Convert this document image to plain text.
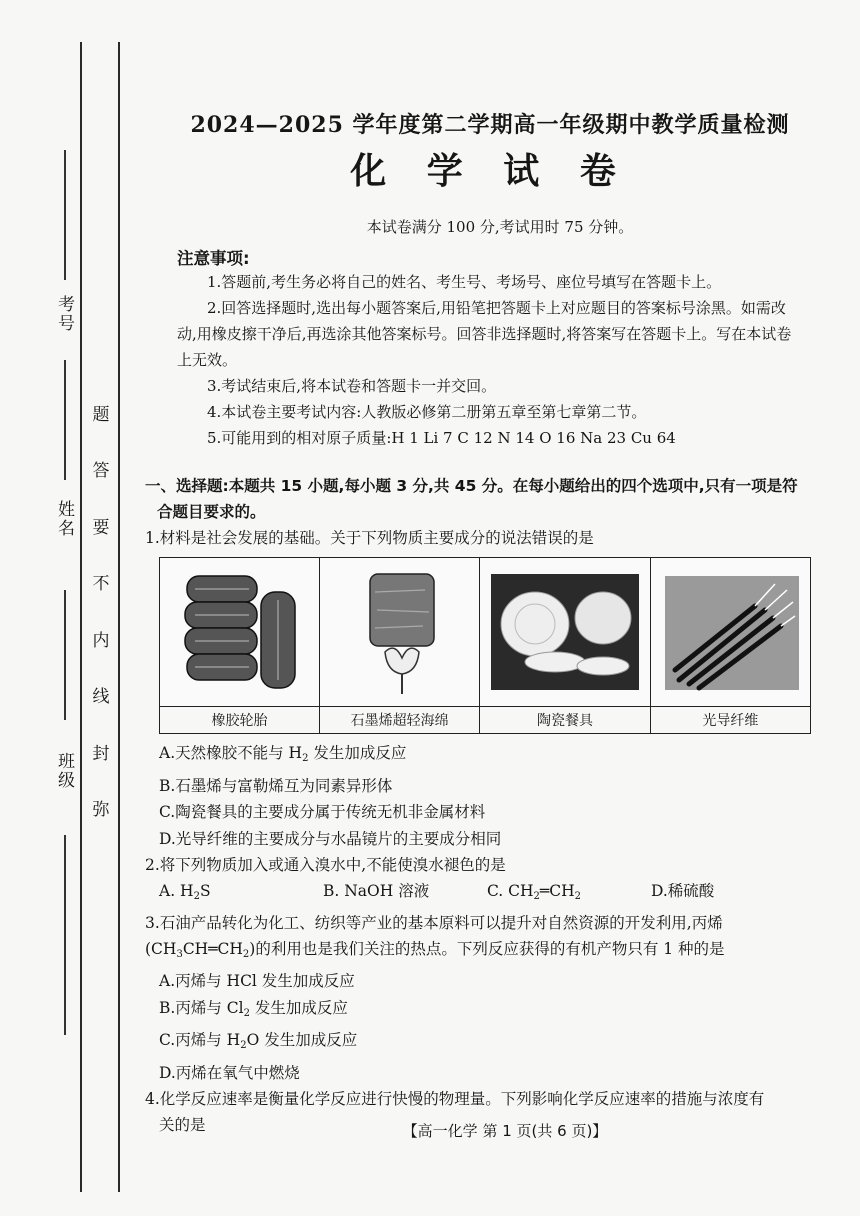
考号
姓名
班级
题
答
要
不
内
线
封
弥
2024—2025 学年度第二学期高一年级期中教学质量检测
化 学 试 卷
本试卷满分 100 分,考试用时 75 分钟。
注意事项:

1.答题前,考生务必将自己的姓名、考生号、考场号、座位号填写在答题卡上。

2.回答选择题时,选出每小题答案后,用铅笔把答题卡上对应题目的答案标号涂黑。如需改动,用橡皮擦干净后,再选涂其他答案标号。回答非选择题时,将答案写在答题卡上。写在本试卷上无效。

3.考试结束后,将本试卷和答题卡一并交回。

4.本试卷主要考试内容:人教版必修第二册第五章至第七章第二节。

5.可能用到的相对原子质量:H 1 Li 7 C 12 N 14 O 16 Na 23 Cu 64

一、选择题:本题共 15 小题,每小题 3 分,共 45 分。在每小题给出的四个选项中,只有一项是符
合题目要求的。

1.材料是社会发展的基础。关于下列物质主要成分的说法错误的是

橡胶轮胎	石墨烯超轻海绵	陶瓷餐具	光导纤维

A.天然橡胶不能与 $H_2$ 发生加成反应

B.石墨烯与富勒烯互为同素异形体

C.陶瓷餐具的主要成分属于传统无机非金属材料

D.光导纤维的主要成分与水晶镜片的主要成分相同

2.将下列物质加入或通入溴水中,不能使溴水褪色的是

A. $H_2S$	B. NaOH 溶液	C. $CH_2═CH_2$	D.稀硫酸

3.石油产品转化为化工、纺织等产业的基本原料可以提升对自然资源的开发利用,丙烯

$(CH_3CH═CH_2)$的利用也是我们关注的热点。下列反应获得的有机产物只有 1 种的是

A.丙烯与 HCl 发生加成反应

B.丙烯与 $Cl_2$ 发生加成反应

C.丙烯与 $H_2O$ 发生加成反应

D.丙烯在氧气中燃烧

4.化学反应速率是衡量化学反应进行快慢的物理量。下列影响化学反应速率的措施与浓度有

关的是	【高一化学 第 1 页(共 6 页)】
